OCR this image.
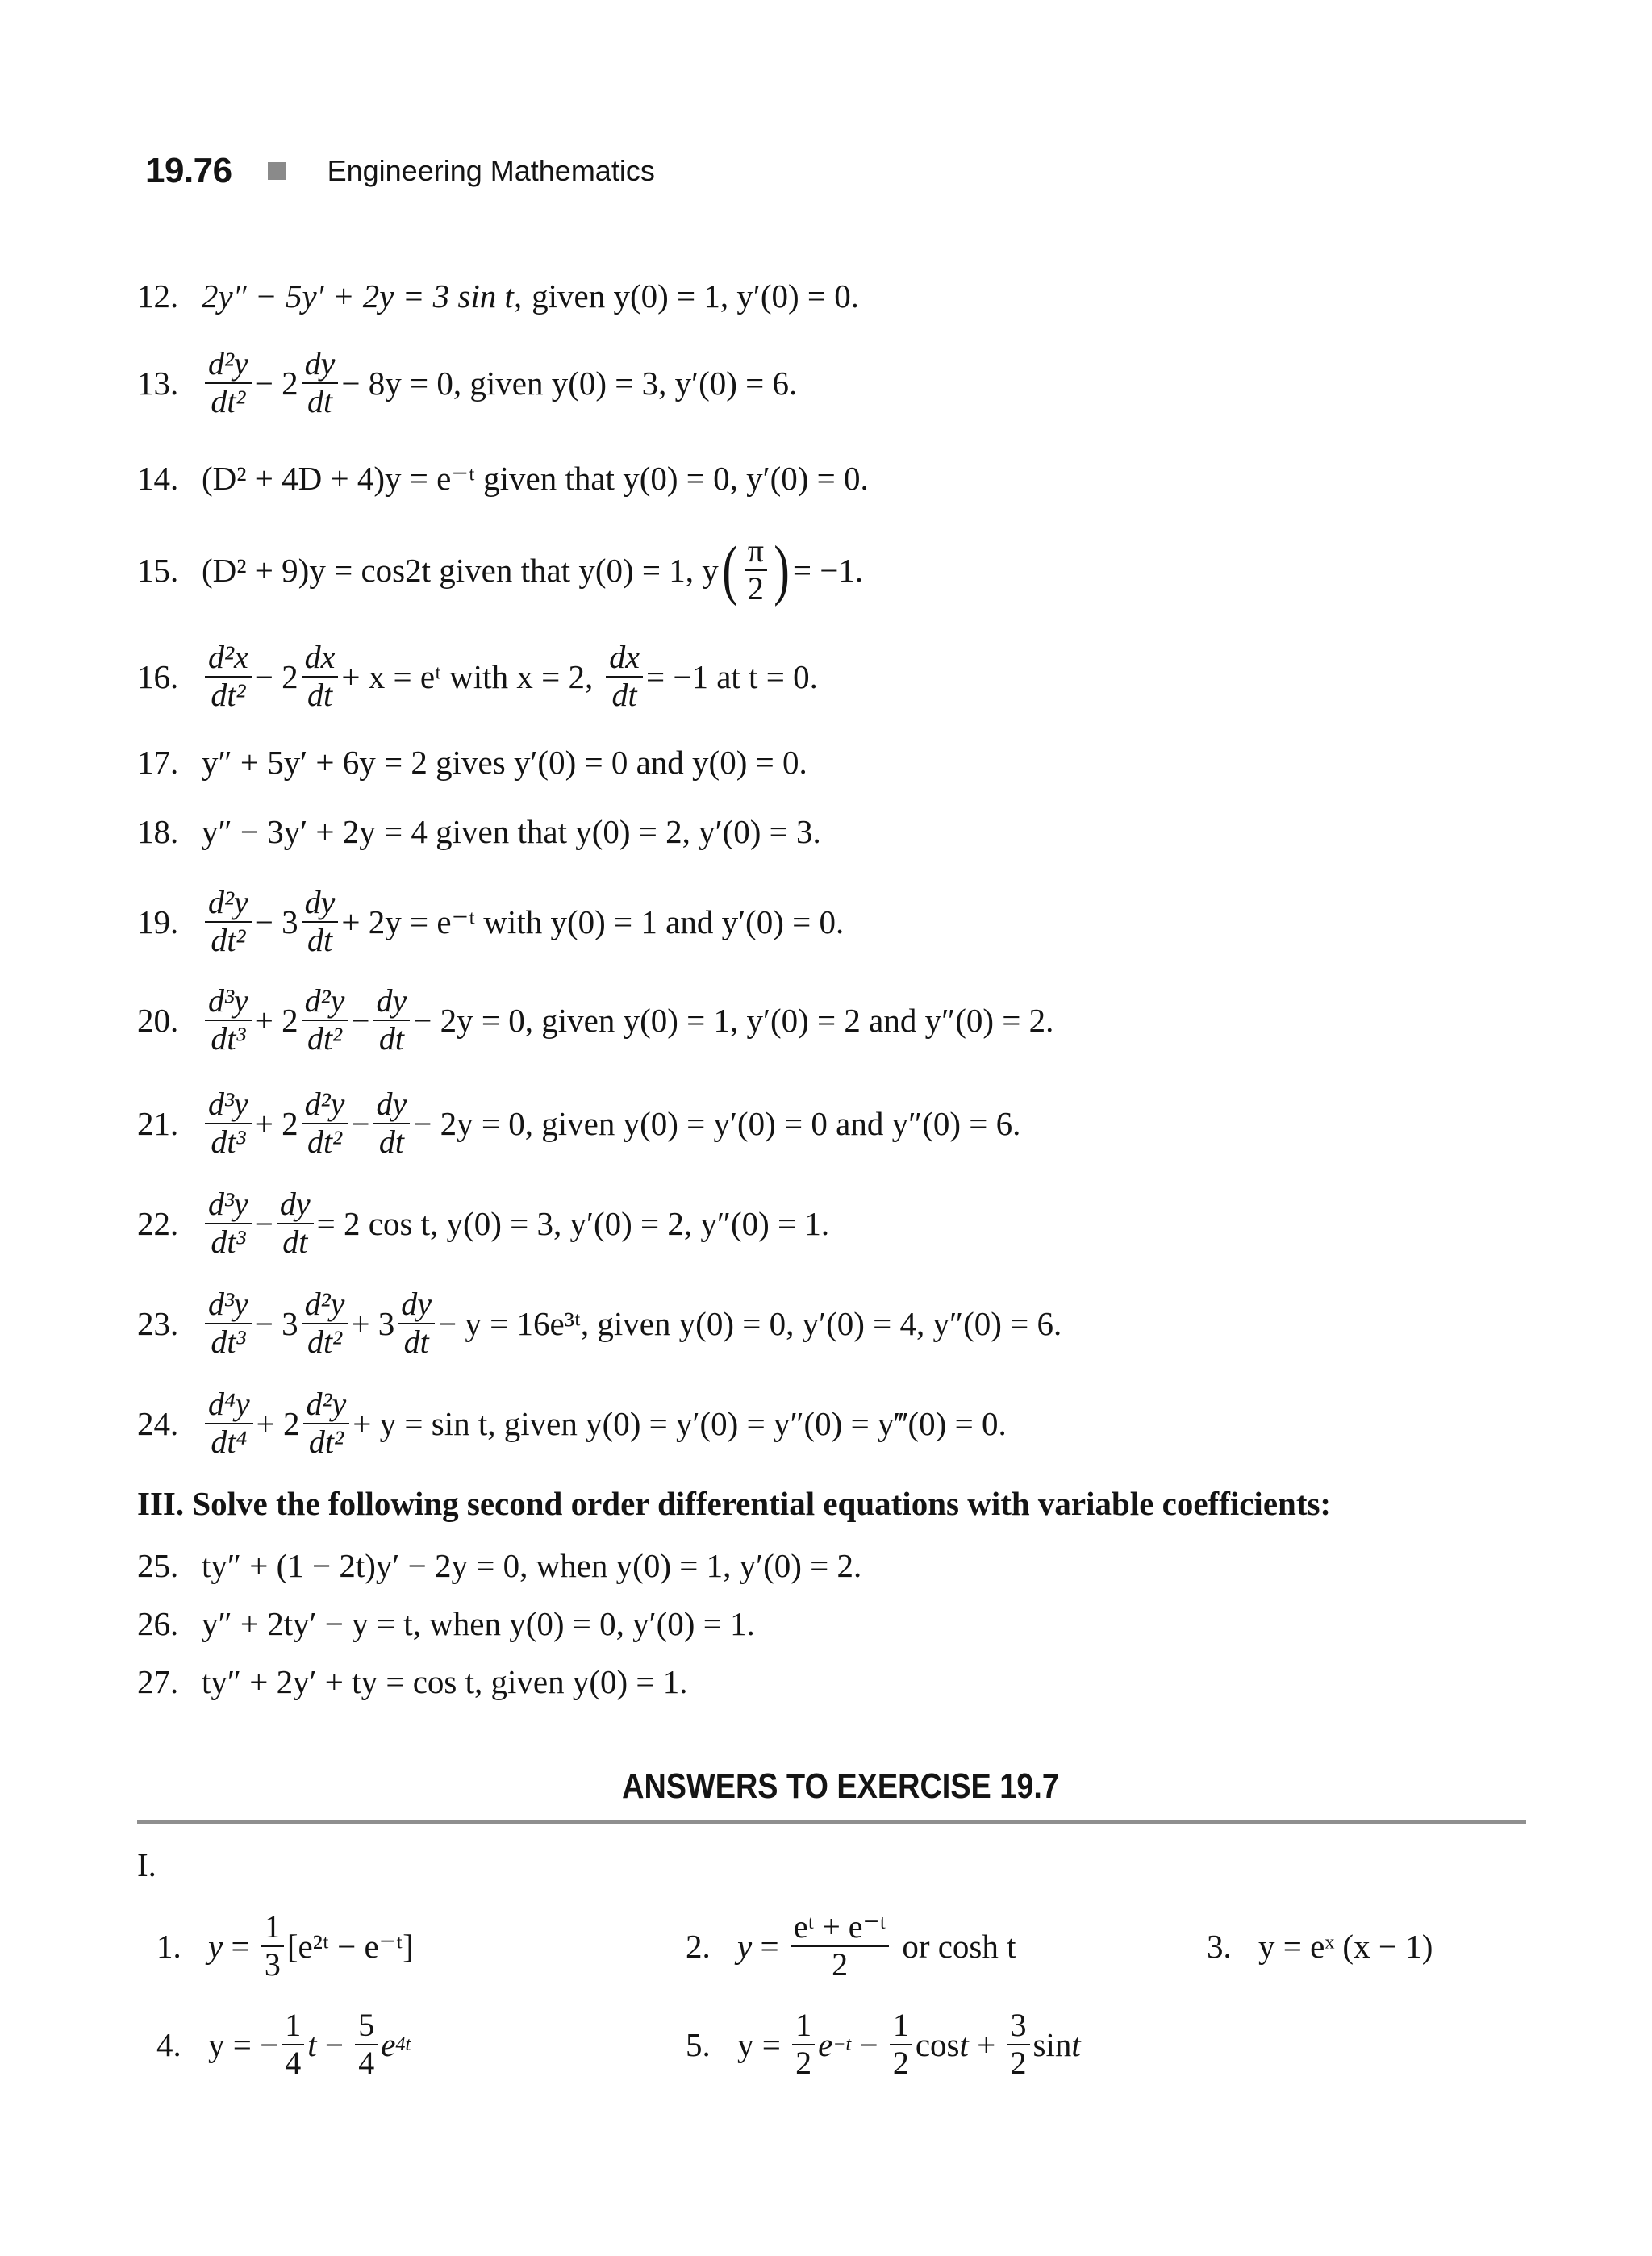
19.76	Engineering Mathematics
12. 2y″ − 5y′ + 2y = 3 sin t, given y(0) = 1, y′(0) = 0.
13. $\frac{\text{d²y}}{\text{dt²}} - 2 \frac{dy}{dt} - 8y = 0$, given y(0) = 3, y′(0) = 6.
14. (D² + 4D + 4)y = e⁻ᵗ given that y(0) = 0, y′(0) = 0.
15. (D² + 9)y = cos2t given that y(0) = 1, y ( $\frac{\pi}{2}$ ) = −1.
16. $\frac{\text{d²x}}{\text{dt²}} - 2 \frac{dx}{dt} + x$ = eᵗ with x = 2, $\frac{dx}{dt} = -1$ at t = 0.
17. y″ + 5y′ + 6y = 2 gives y′(0) = 0 and y(0) = 0.
18. y″ − 3y′ + 2y = 4 given that y(0) = 2, y′(0) = 3.
19. $\frac{\text{d²y}}{\text{dt²}} - 3 \frac{dy}{dt} + 2y$ = e⁻ᵗ with y(0) = 1 and y′(0) = 0.
20. $\frac{\text{d³y}}{\text{dt³}} + 2 \frac{\text{d²y}}{\text{dt²}} - \frac{dy}{dt} - 2y = 0$, given y(0) = 1, y′(0) = 2 and y″(0) = 2.
21. $\frac{\text{d³y}}{\text{dt³}} + 2 \frac{\text{d²y}}{\text{dt²}} - \frac{dy}{dt} - 2y = 0$, given y(0) = y′(0) = 0 and y″(0) = 6.
22. $\frac{\text{d³y}}{\text{dt³}} - \frac{dy}{dt} = 2$ cos t, y(0) = 3, y′(0) = 2, y″(0) = 1.
23. $\frac{\text{d³y}}{\text{dt³}} - 3 \frac{\text{d²y}}{\text{dt²}} + 3 \frac{dy}{dt} - y$ = 16e³ᵗ, given y(0) = 0, y′(0) = 4, y″(0) = 6.
24. $\frac{\text{d⁴y}}{\text{dt⁴}} + 2 \frac{\text{d²y}}{\text{dt²}} + y = \sin t$, given y(0) = y′(0) = y″(0) = y‴(0) = 0.
III. Solve the following second order differential equations with variable coefficients:
25. ty″ + (1 − 2t)y′ − 2y = 0, when y(0) = 1, y′(0) = 2.
26. y″ + 2ty′ − y = t, when y(0) = 0, y′(0) = 1.
27. ty″ + 2y′ + ty = cos t, given y(0) = 1.
ANSWERS TO EXERCISE 19.7
I.
1. $y = \frac{1}{3}$ [e²ᵗ − e⁻ᵗ]	2. $y = \frac{\text{eᵗ + e⁻ᵗ}}{2}$ or cosh t	3. y = eˣ (x − 1)
4. y = − $\frac{1}{4}$ $t - \frac{5}{4}$ e 4t	5. y =
$\frac{1}{2}$ $e -t - \frac{1}{2}$ $\cos t + \frac{3}{2}$ sin t
